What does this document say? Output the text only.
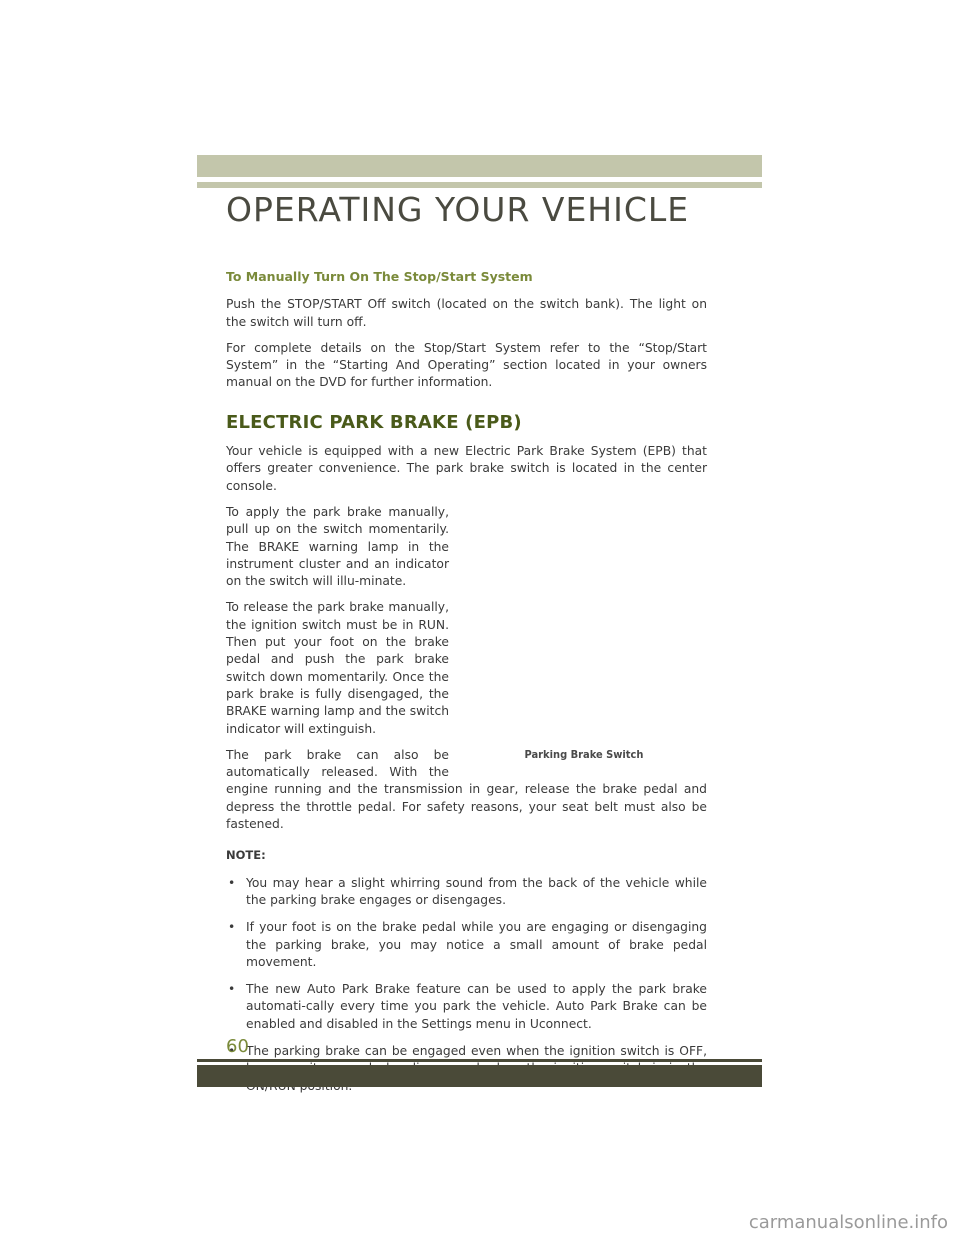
OPERATING YOUR VEHICLE
To Manually Turn On The Stop/Start System

Push the STOP/START Off switch (located on the switch bank). The light on the switch will turn off.

For complete details on the Stop/Start System refer to the “Stop/Start System” in the “Starting And Operating” section located in your owners manual on the DVD for further information.

ELECTRIC PARK BRAKE (EPB)

Your vehicle is equipped with a new Electric Park Brake System (EPB) that offers greater convenience. The park brake switch is located in the center console.

Parking Brake Switch

To apply the park brake manually, pull up on the switch momentarily. The BRAKE warning lamp in the instrument cluster and an indicator on the switch will illu-minate.

To release the park brake manually, the ignition switch must be in RUN. Then put your foot on the brake pedal and push the park brake switch down momentarily. Once the park brake is fully disengaged, the BRAKE warning lamp and the switch indicator will extinguish.

The park brake can also be automatically released. With the engine running and the transmission in gear, release the brake pedal and depress the throttle pedal. For safety reasons, your seat belt must also be fastened.

NOTE:
• You may hear a slight whirring sound from the back of the vehicle while the parking brake engages or disengages.
• If your foot is on the brake pedal while you are engaging or disengaging the parking brake, you may notice a small amount of brake pedal movement.
• The new Auto Park Brake feature can be used to apply the park brake automati-cally every time you park the vehicle. Auto Park Brake can be enabled and disabled in the Settings menu in Uconnect.
• The parking brake can be engaged even when the ignition switch is OFF,
60
carmanualsonline.info
